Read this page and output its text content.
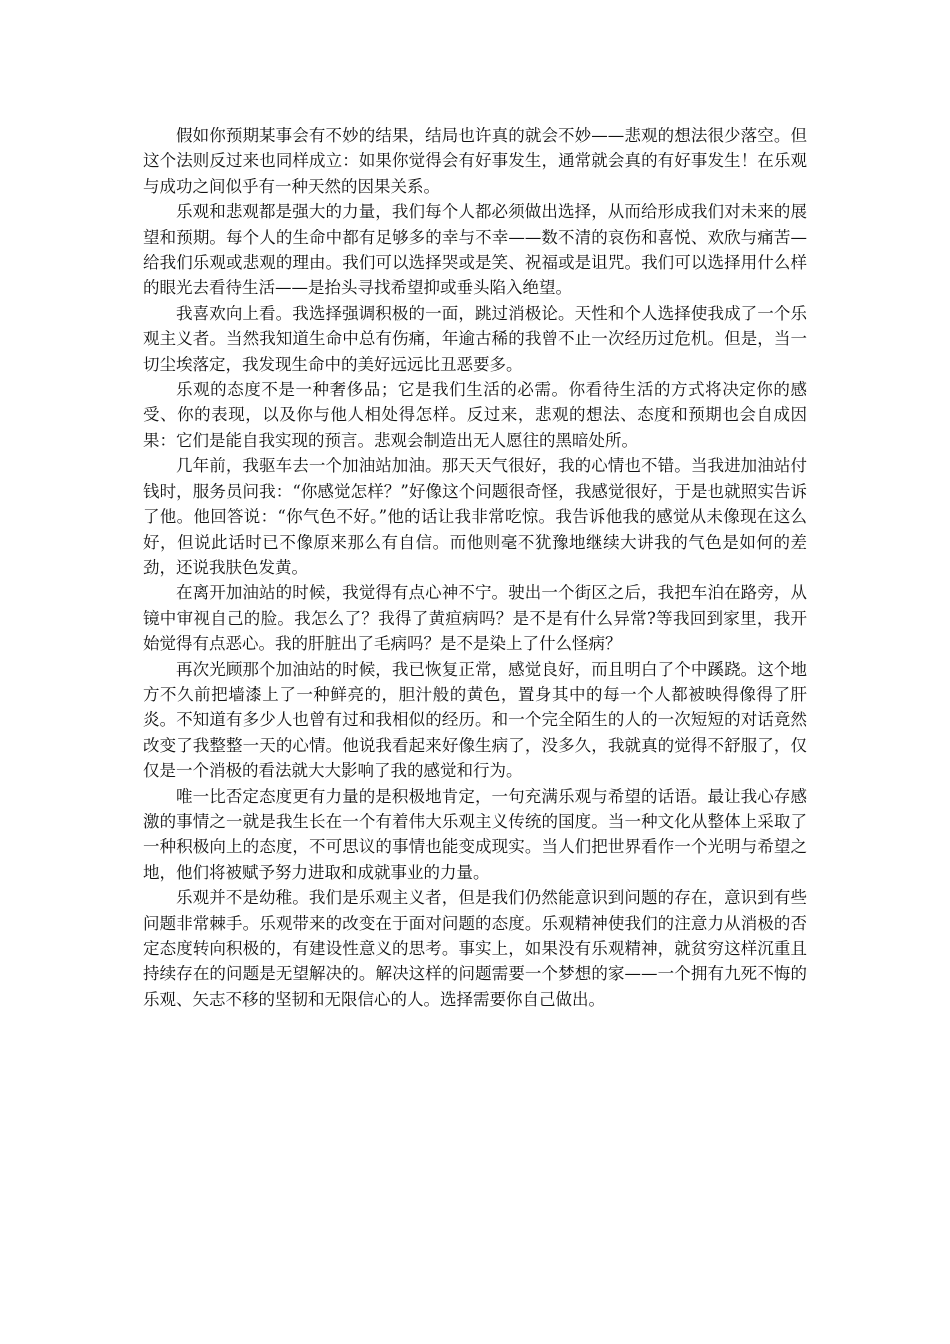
假如你预期某事会有不妙的结果，结局也许真的就会不妙——悲观的想法很少落空。但这个法则反过来也同样成立：如果你觉得会有好事发生，通常就会真的有好事发生！在乐观与成功之间似乎有一种天然的因果关系。

乐观和悲观都是强大的力量，我们每个人都必须做出选择，从而给形成我们对未来的展望和预期。每个人的生命中都有足够多的幸与不幸——数不清的哀伤和喜悦、欢欣与痛苦—给我们乐观或悲观的理由。我们可以选择哭或是笑、祝福或是诅咒。我们可以选择用什么样的眼光去看待生活——是抬头寻找希望抑或垂头陷入绝望。

我喜欢向上看。我选择强调积极的一面，跳过消极论。天性和个人选择使我成了一个乐观主义者。当然我知道生命中总有伤痛，年逾古稀的我曾不止一次经历过危机。但是，当一切尘埃落定，我发现生命中的美好远远比丑恶要多。

乐观的态度不是一种奢侈品；它是我们生活的必需。你看待生活的方式将决定你的感受、你的表现，以及你与他人相处得怎样。反过来，悲观的想法、态度和预期也会自成因果：它们是能自我实现的预言。悲观会制造出无人愿往的黑暗处所。

几年前，我驱车去一个加油站加油。那天天气很好，我的心情也不错。当我进加油站付钱时，服务员问我：“你感觉怎样？”好像这个问题很奇怪，我感觉很好，于是也就照实告诉了他。他回答说：“你气色不好。”他的话让我非常吃惊。我告诉他我的感觉从未像现在这么好，但说此话时已不像原来那么有自信。而他则毫不犹豫地继续大讲我的气色是如何的差劲，还说我肤色发黄。

在离开加油站的时候，我觉得有点心神不宁。驶出一个街区之后，我把车泊在路旁，从镜中审视自己的脸。我怎么了？我得了黄疸病吗？是不是有什么异常?等我回到家里，我开始觉得有点恶心。我的肝脏出了毛病吗？是不是染上了什么怪病？

再次光顾那个加油站的时候，我已恢复正常，感觉良好，而且明白了个中蹊跷。这个地方不久前把墙漆上了一种鲜亮的，胆汁般的黄色，置身其中的每一个人都被映得像得了肝炎。不知道有多少人也曾有过和我相似的经历。和一个完全陌生的人的一次短短的对话竟然改变了我整整一天的心情。他说我看起来好像生病了，没多久，我就真的觉得不舒服了，仅仅是一个消极的看法就大大影响了我的感觉和行为。

唯一比否定态度更有力量的是积极地肯定，一句充满乐观与希望的话语。最让我心存感激的事情之一就是我生长在一个有着伟大乐观主义传统的国度。当一种文化从整体上采取了一种积极向上的态度，不可思议的事情也能变成现实。当人们把世界看作一个光明与希望之地，他们将被赋予努力进取和成就事业的力量。

乐观并不是幼稚。我们是乐观主义者，但是我们仍然能意识到问题的存在，意识到有些问题非常棘手。乐观带来的改变在于面对问题的态度。乐观精神使我们的注意力从消极的否定态度转向积极的，有建设性意义的思考。事实上，如果没有乐观精神，就贫穷这样沉重且持续存在的问题是无望解决的。解决这样的问题需要一个梦想的家——一个拥有九死不悔的乐观、矢志不移的坚韧和无限信心的人。选择需要你自己做出。
